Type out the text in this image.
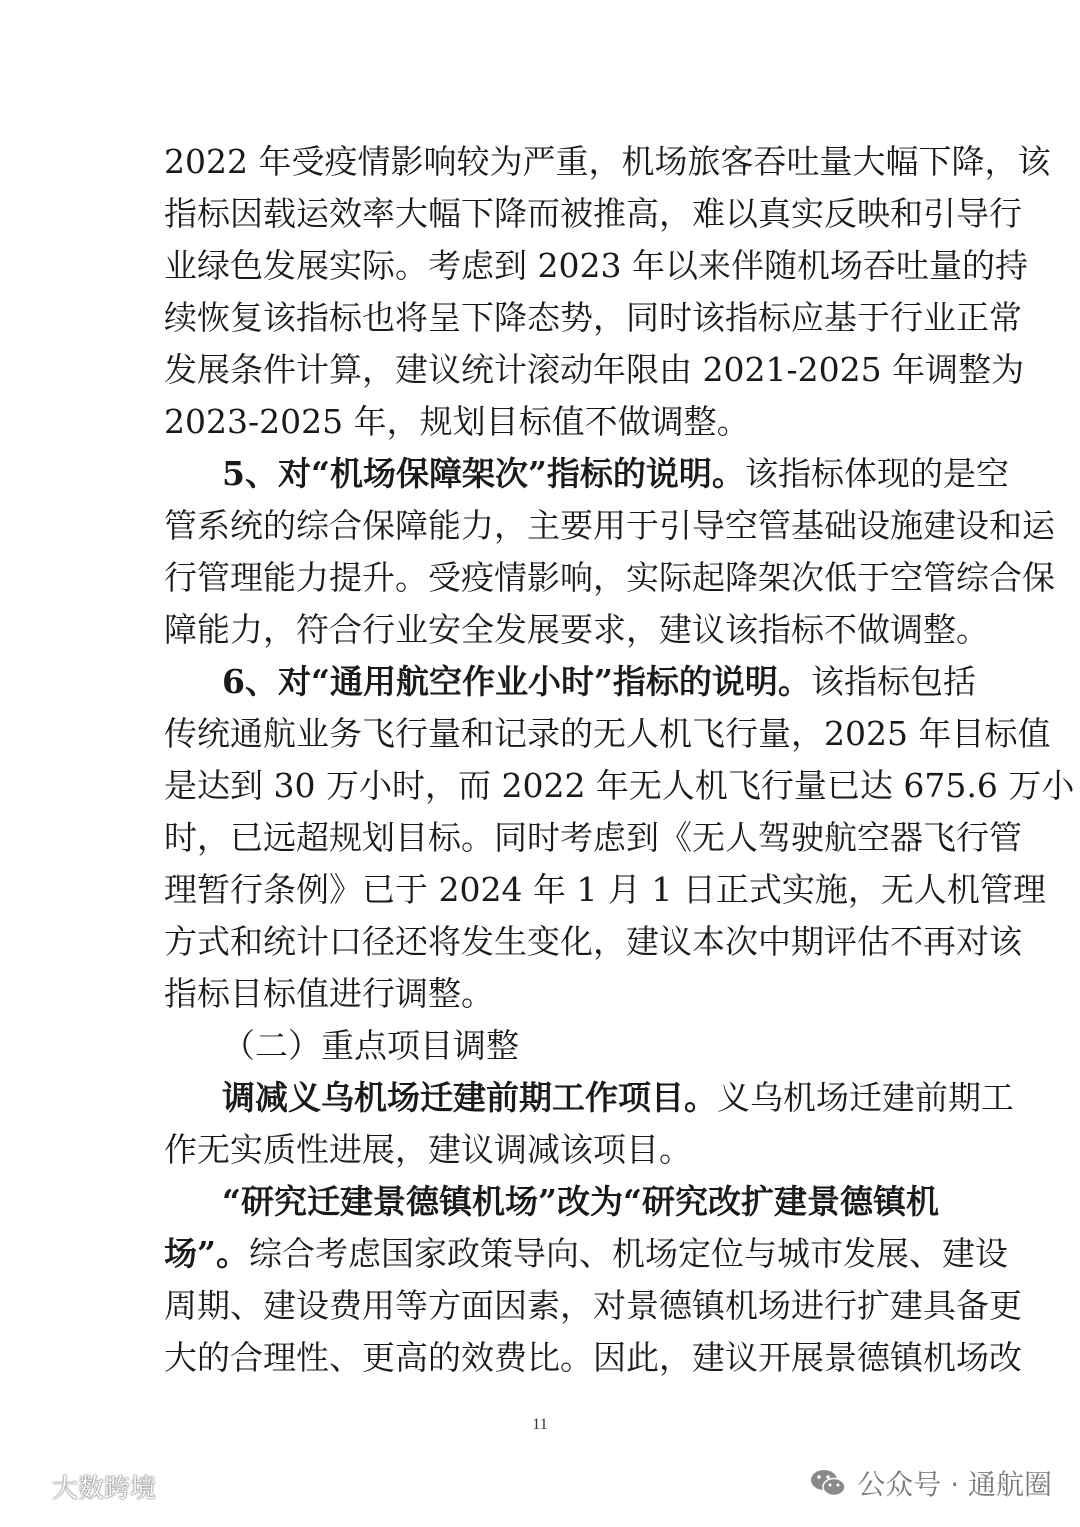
2022 年受疫情影响较为严重，机场旅客吞吐量大幅下降，该
指标因载运效率大幅下降而被推高，难以真实反映和引导行
业绿色发展实际。考虑到 2023 年以来伴随机场吞吐量的持
续恢复该指标也将呈下降态势，同时该指标应基于行业正常
发展条件计算，建议统计滚动年限由 2021-2025 年调整为
2023-2025 年，规划目标值不做调整。
5、对“机场保障架次”指标的说明。该指标体现的是空
管系统的综合保障能力，主要用于引导空管基础设施建设和运
行管理能力提升。受疫情影响，实际起降架次低于空管综合保
障能力，符合行业安全发展要求，建议该指标不做调整。
6、对“通用航空作业小时”指标的说明。该指标包括
传统通航业务飞行量和记录的无人机飞行量，2025 年目标值
是达到 30 万小时，而 2022 年无人机飞行量已达 675.6 万小
时，已远超规划目标。同时考虑到《无人驾驶航空器飞行管
理暂行条例》已于 2024 年 1 月 1 日正式实施，无人机管理
方式和统计口径还将发生变化，建议本次中期评估不再对该
指标目标值进行调整。
（二）重点项目调整
调减义乌机场迁建前期工作项目。义乌机场迁建前期工
作无实质性进展，建议调减该项目。
“研究迁建景德镇机场”改为“研究改扩建景德镇机
场”。综合考虑国家政策导向、机场定位与城市发展、建设
周期、建设费用等方面因素，对景德镇机场进行扩建具备更
大的合理性、更高的效费比。因此，建议开展景德镇机场改
11
大数跨境	公众号 · 通航圈
